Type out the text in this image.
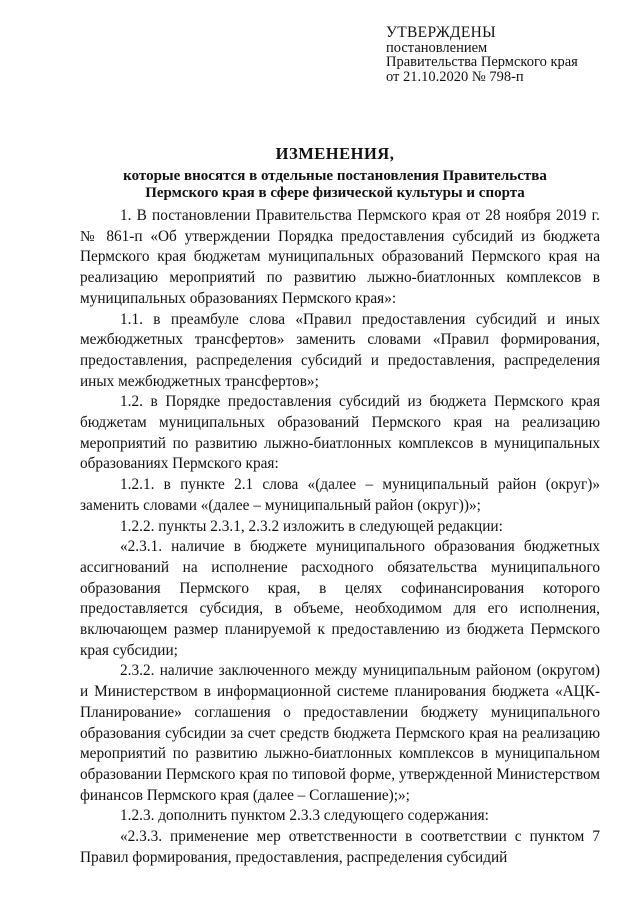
УТВЕРЖДЕНЫ
постановлением
Правительства Пермского края
от 21.10.2020 № 798-п
ИЗМЕНЕНИЯ,
которые вносятся в отдельные постановления Правительства
Пермского края в сфере физической культуры и спорта

1. В постановлении Правительства Пермского края от 28 ноября 2019 г. № 861-п «Об утверждении Порядка предоставления субсидий из бюджета Пермского края бюджетам муниципальных образований Пермского края на реализацию мероприятий по развитию лыжно-биатлонных комплексов в муниципальных образованиях Пермского края»:

1.1. в преамбуле слова «Правил предоставления субсидий и иных межбюджетных трансфертов» заменить словами «Правил формирования, предоставления, распределения субсидий и предоставления, распределения иных межбюджетных трансфертов»;

1.2. в Порядке предоставления субсидий из бюджета Пермского края бюджетам муниципальных образований Пермского края на реализацию мероприятий по развитию лыжно-биатлонных комплексов в муниципальных образованиях Пермского края:

1.2.1. в пункте 2.1 слова «(далее – муниципальный район (округ)» заменить словами «(далее – муниципальный район (округ))»;

1.2.2. пункты 2.3.1, 2.3.2 изложить в следующей редакции:

«2.3.1. наличие в бюджете муниципального образования бюджетных ассигнований на исполнение расходного обязательства муниципального образования Пермского края, в целях софинансирования которого предоставляется субсидия, в объеме, необходимом для его исполнения, включающем размер планируемой к предоставлению из бюджета Пермского края субсидии;

2.3.2. наличие заключенного между муниципальным районом (округом) и Министерством в информационной системе планирования бюджета «АЦК-Планирование» соглашения о предоставлении бюджету муниципального образования субсидии за счет средств бюджета Пермского края на реализацию мероприятий по развитию лыжно-биатлонных комплексов в муниципальном образовании Пермского края по типовой форме, утвержденной Министерством финансов Пермского края (далее – Соглашение);»;

1.2.3. дополнить пунктом 2.3.3 следующего содержания:

«2.3.3. применение мер ответственности в соответствии с пунктом 7 Правил формирования, предоставления, распределения субсидий
